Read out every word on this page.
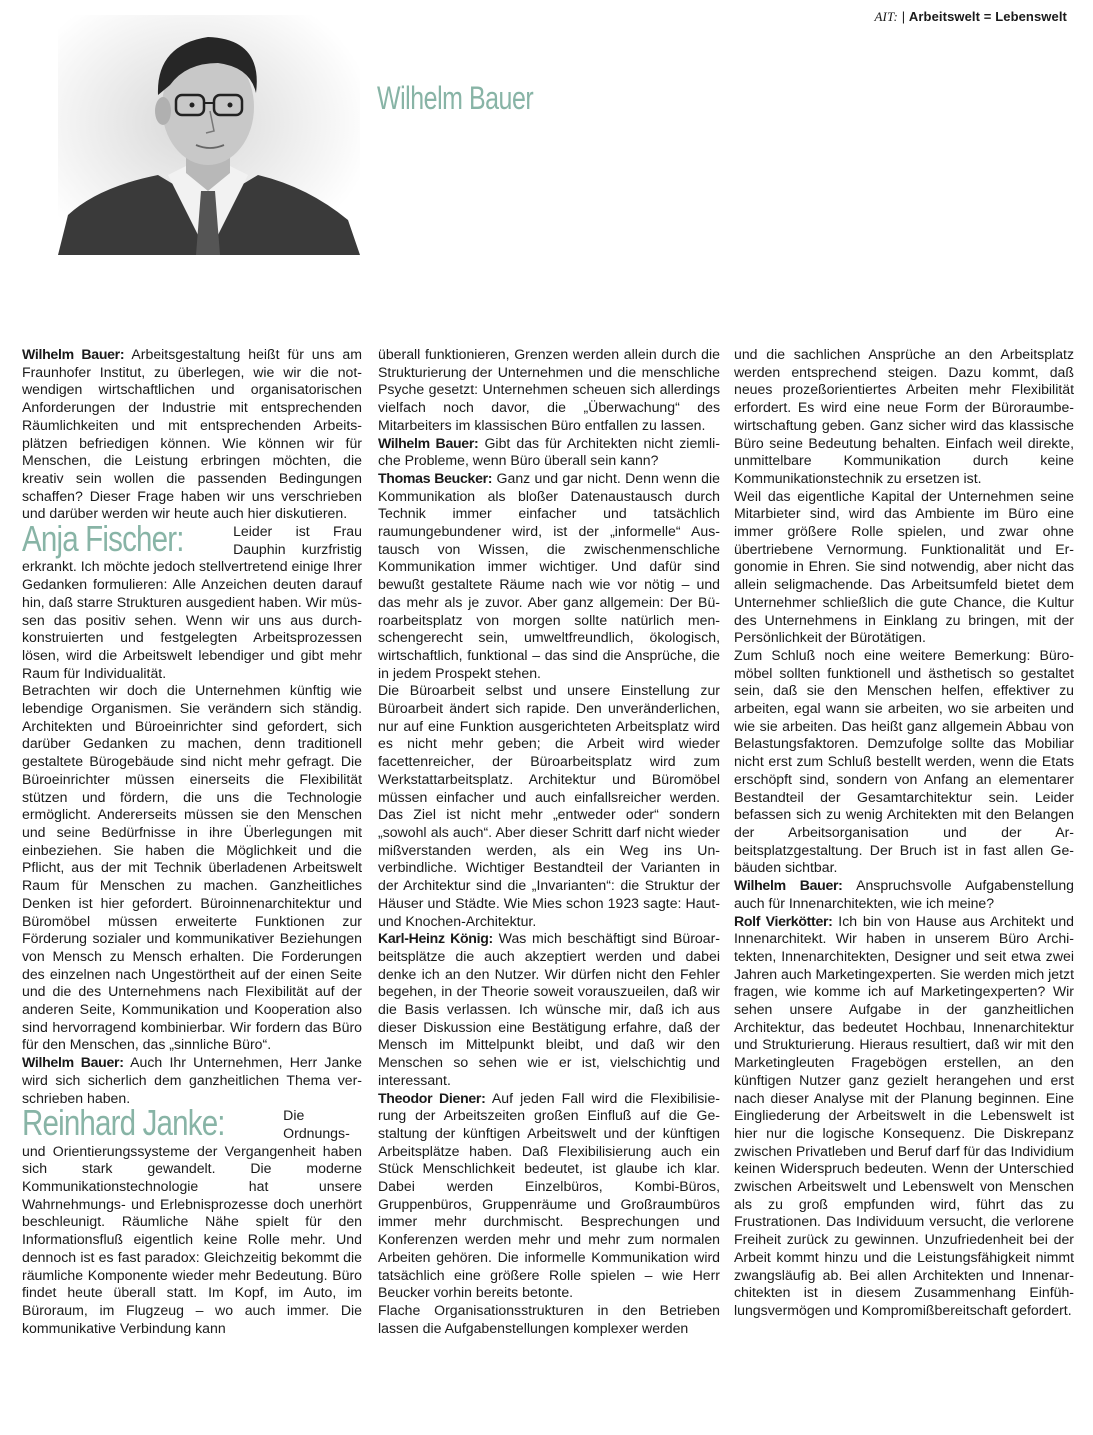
AIT: | Arbeitswelt = Lebenswelt
Wilhelm Bauer

Wilhelm Bauer: Arbeitsgestaltung heißt für uns am Fraunhofer Institut, zu überlegen, wie wir die notwendigen wirtschaftlichen und organisatorischen Anforderungen der Industrie mit entsprechenden Räumlichkeiten und mit entsprechenden Arbeitsplätzen befriedigen können. Wie können wir für Menschen, die Leistung erbringen möchten, die kreativ sein wollen die passenden Bedingungen schaffen? Dieser Frage haben wir uns verschrieben und darüber werden wir heute auch hier diskutieren.

Anja Fischer:	Leider ist Frau Dauphin kurzfristig erkrankt. Ich möchte jedoch stellvertretend einige Ihrer Gedanken formulieren: Alle Anzeichen deuten darauf hin, daß starre Strukturen ausgedient haben. Wir müssen das positiv sehen. Wenn wir uns aus durchkonstruierten und festgelegten Arbeitsprozessen lösen, wird die Arbeitswelt lebendiger und gibt mehr Raum für Individualität.

Betrachten wir doch die Unternehmen künftig wie lebendige Organismen. Sie verändern sich ständig. Architekten und Büroeinrichter sind gefordert, sich darüber Gedanken zu machen, denn traditionell gestaltete Bürogebäude sind nicht mehr gefragt. Die Büroeinrichter müssen einerseits die Flexibilität stützen und fördern, die uns die Technologie ermöglicht. Andererseits müssen sie den Menschen und seine Bedürfnisse in ihre Überlegungen mit einbeziehen. Sie haben die Möglichkeit und die Pflicht, aus der mit Technik überladenen Arbeitswelt Raum für Menschen zu machen. Ganzheitliches Denken ist hier gefordert. Büroinnenarchitektur und Büromöbel müssen erweiterte Funktionen zur Förderung sozialer und kommunikativer Beziehungen von Mensch zu Mensch erhalten. Die Forderungen des einzelnen nach Ungestörtheit auf der einen Seite und die des Unternehmens nach Flexibilität auf der anderen Seite, Kommunikation und Kooperation also sind hervorragend kombinierbar. Wir fordern das Büro für den Menschen, das „sinnliche Büro“.

Wilhelm Bauer: Auch Ihr Unternehmen, Herr Janke wird sich sicherlich dem ganzheitlichen Thema verschrieben haben.

Reinhard Janke:	Die Ordnungs- und Orientierungssysteme der Vergangenheit haben sich stark gewandelt. Die moderne Kommunikationstechnologie hat unsere Wahrnehmungs- und Erlebnisprozesse doch unerhört beschleunigt. Räumliche Nähe spielt für den Informationsfluß eigentlich keine Rolle mehr. Und dennoch ist es fast paradox: Gleichzeitig bekommt die räumliche Komponente wieder mehr Bedeutung. Büro findet heute überall statt. Im Kopf, im Auto, im Büroraum, im Flugzeug – wo auch immer. Die kommunikative Verbindung kann

überall funktionieren, Grenzen werden allein durch die Strukturierung der Unternehmen und die menschliche Psyche gesetzt: Unternehmen scheuen sich allerdings vielfach noch davor, die „Überwachung“ des Mitarbeiters im klassischen Büro entfallen zu lassen.

Wilhelm Bauer: Gibt das für Architekten nicht ziemliche Probleme, wenn Büro überall sein kann?

Thomas Beucker: Ganz und gar nicht. Denn wenn die Kommunikation als bloßer Datenaustausch durch Technik immer einfacher und tatsächlich raumungebundener wird, ist der „informelle“ Austausch von Wissen, die zwischenmenschliche Kommunikation immer wichtiger. Und dafür sind bewußt gestaltete Räume nach wie vor nötig – und das mehr als je zuvor. Aber ganz allgemein: Der Büroarbeitsplatz von morgen sollte natürlich menschengerecht sein, umweltfreundlich, ökologisch, wirtschaftlich, funktional – das sind die Ansprüche, die in jedem Prospekt stehen.

Die Büroarbeit selbst und unsere Einstellung zur Büroarbeit ändert sich rapide. Den unveränderlichen, nur auf eine Funktion ausgerichteten Arbeitsplatz wird es nicht mehr geben; die Arbeit wird wieder facettenreicher, der Büroarbeitsplatz wird zum Werkstattarbeitsplatz. Architektur und Büromöbel müssen einfacher und auch einfallsreicher werden. Das Ziel ist nicht mehr „entweder oder“ sondern „sowohl als auch“. Aber dieser Schritt darf nicht wieder mißverstanden werden, als ein Weg ins Unverbindliche. Wichtiger Bestandteil der Varianten in der Architektur sind die „Invarianten“: die Struktur der Häuser und Städte. Wie Mies schon 1923 sagte: Haut- und Knochen-Architektur.

Karl-Heinz König: Was mich beschäftigt sind Büroarbeitsplätze die auch akzeptiert werden und dabei denke ich an den Nutzer. Wir dürfen nicht den Fehler begehen, in der Theorie soweit vorauszueilen, daß wir die Basis verlassen. Ich wünsche mir, daß ich aus dieser Diskussion eine Bestätigung erfahre, daß der Mensch im Mittelpunkt bleibt, und daß wir den Menschen so sehen wie er ist, vielschichtig und interessant.

Theodor Diener: Auf jeden Fall wird die Flexibilisierung der Arbeitszeiten großen Einfluß auf die Gestaltung der künftigen Arbeitswelt und der künftigen Arbeitsplätze haben. Daß Flexibilisierung auch ein Stück Menschlichkeit bedeutet, ist glaube ich klar. Dabei werden Einzelbüros, Kombi-Büros, Gruppenbüros, Gruppenräume und Großraumbüros immer mehr durchmischt. Besprechungen und Konferenzen werden mehr und mehr zum normalen Arbeiten gehören. Die informelle Kommunikation wird tatsächlich eine größere Rolle spielen – wie Herr Beucker vorhin bereits betonte.

Flache Organisationsstrukturen in den Betrieben lassen die Aufgabenstellungen komplexer werden

und die sachlichen Ansprüche an den Arbeitsplatz werden entsprechend steigen. Dazu kommt, daß neues prozeßorientiertes Arbeiten mehr Flexibilität erfordert. Es wird eine neue Form der Büroraumbewirtschaftung geben. Ganz sicher wird das klassische Büro seine Bedeutung behalten. Einfach weil direkte, unmittelbare Kommunikation durch keine Kommunikationstechnik zu ersetzen ist.

Weil das eigentliche Kapital der Unternehmen seine Mitarbieter sind, wird das Ambiente im Büro eine immer größere Rolle spielen, und zwar ohne übertriebene Vernormung. Funktionalität und Ergonomie in Ehren. Sie sind notwendig, aber nicht das allein seligmachende. Das Arbeitsumfeld bietet dem Unternehmer schließlich die gute Chance, die Kultur des Unternehmens in Einklang zu bringen, mit der Persönlichkeit der Bürotätigen.

Zum Schluß noch eine weitere Bemerkung: Büromöbel sollten funktionell und ästhetisch so gestaltet sein, daß sie den Menschen helfen, effektiver zu arbeiten, egal wann sie arbeiten, wo sie arbeiten und wie sie arbeiten. Das heißt ganz allgemein Abbau von Belastungsfaktoren. Demzufolge sollte das Mobiliar nicht erst zum Schluß bestellt werden, wenn die Etats erschöpft sind, sondern von Anfang an elementarer Bestandteil der Gesamtarchitektur sein. Leider befassen sich zu wenig Architekten mit den Belangen der Arbeitsorganisation und der Arbeitsplatzgestaltung. Der Bruch ist in fast allen Gebäuden sichtbar.

Wilhelm Bauer: Anspruchsvolle Aufgabenstellung auch für Innenarchitekten, wie ich meine?

Rolf Vierkötter: Ich bin von Hause aus Architekt und Innenarchitekt. Wir haben in unserem Büro Architekten, Innenarchitekten, Designer und seit etwa zwei Jahren auch Marketingexperten. Sie werden mich jetzt fragen, wie komme ich auf Marketingexperten? Wir sehen unsere Aufgabe in der ganzheitlichen Architektur, das bedeutet Hochbau, Innenarchitektur und Strukturierung. Hieraus resultiert, daß wir mit den Marketingleuten Fragebögen erstellen, an den künftigen Nutzer ganz gezielt herangehen und erst nach dieser Analyse mit der Planung beginnen. Eine Eingliederung der Arbeitswelt in die Lebenswelt ist hier nur die logische Konsequenz. Die Diskrepanz zwischen Privatleben und Beruf darf für das Individium keinen Widerspruch bedeuten. Wenn der Unterschied zwischen Arbeitswelt und Lebenswelt von Menschen als zu groß empfunden wird, führt das zu Frustrationen. Das Individuum versucht, die verlorene Freiheit zurück zu gewinnen. Unzufriedenheit bei der Arbeit kommt hinzu und die Leistungsfähigkeit nimmt zwangsläufig ab. Bei allen Architekten und Innenarchitekten ist in diesem Zusammenhang Einfühlungsvermögen und Kompromißbereitschaft gefordert.
